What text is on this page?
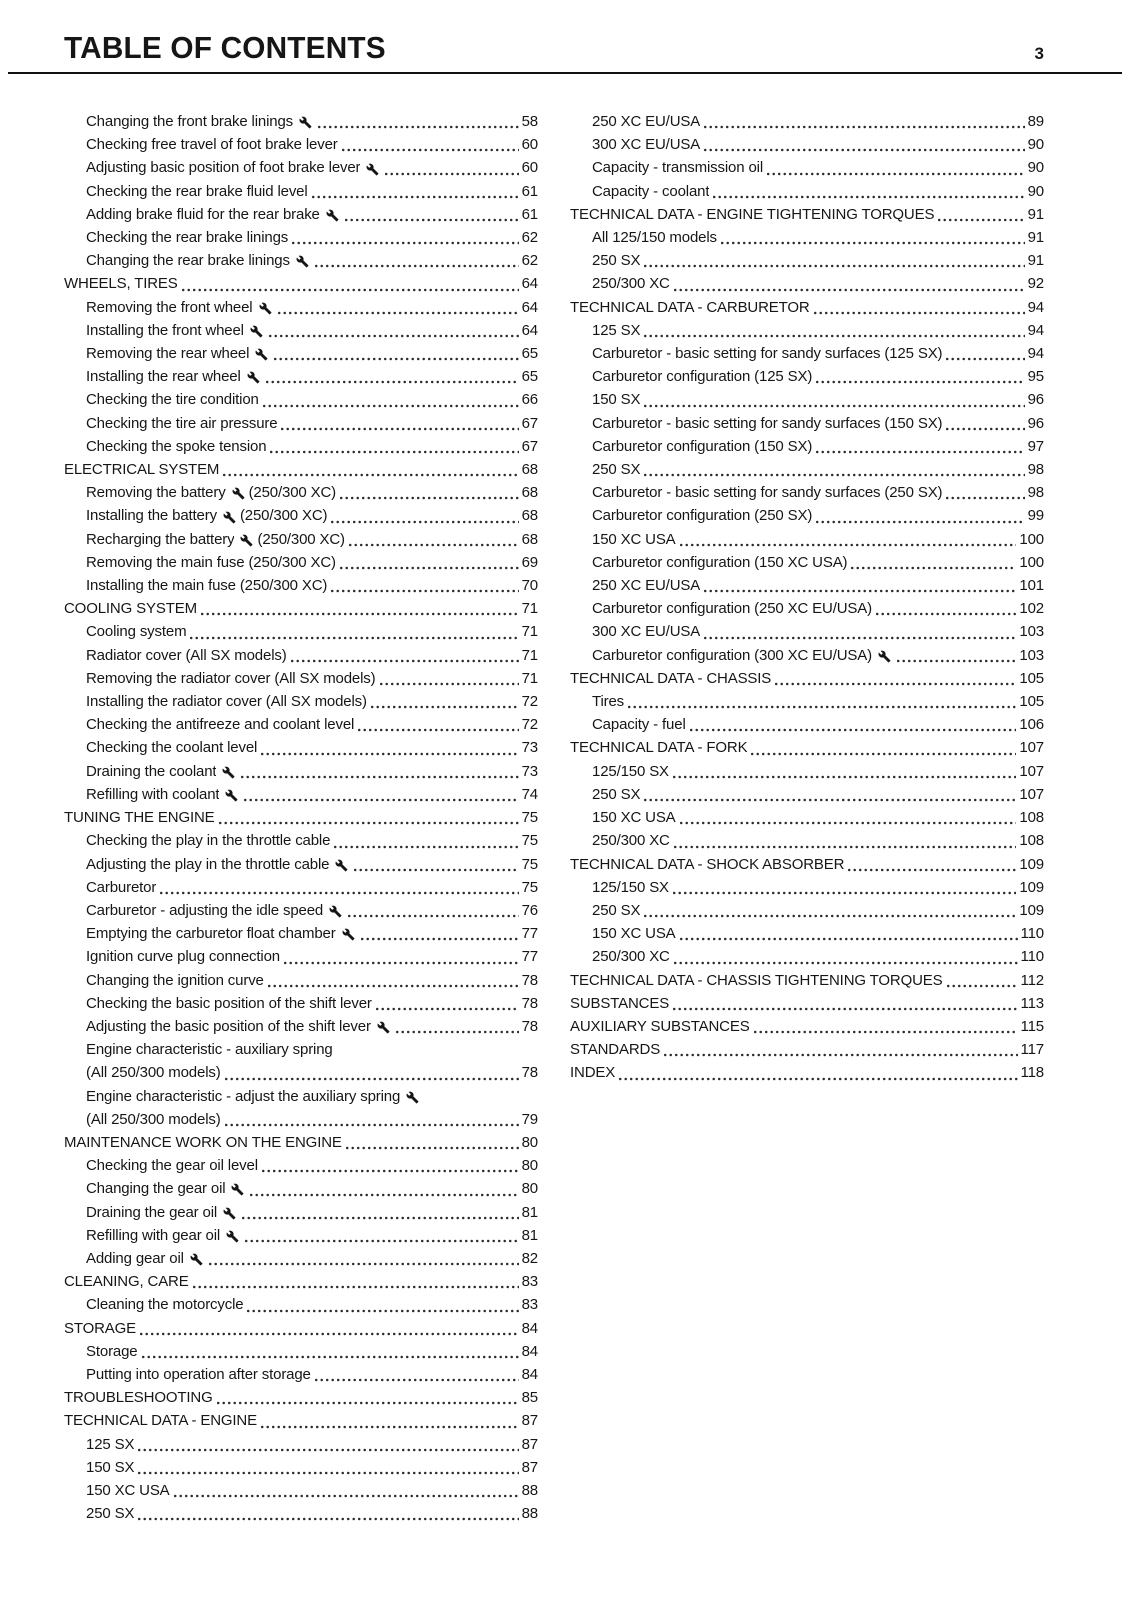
TABLE OF CONTENTS	3
Changing the front brake linings	58
Checking free travel of foot brake lever	60
Adjusting basic position of foot brake lever	60
Checking the rear brake fluid level	61
Adding brake fluid for the rear brake	61
Checking the rear brake linings	62
Changing the rear brake linings	62
WHEELS, TIRES	64
Removing the front wheel	64
Installing the front wheel	64
Removing the rear wheel	65
Installing the rear wheel	65
Checking the tire condition	66
Checking the tire air pressure	67
Checking the spoke tension	67
ELECTRICAL SYSTEM	68
Removing the battery (250/300 XC)	68
Installing the battery (250/300 XC)	68
Recharging the battery (250/300 XC)	68
Removing the main fuse (250/300 XC)	69
Installing the main fuse (250/300 XC)	70
COOLING SYSTEM	71
Cooling system	71
Radiator cover (All SX models)	71
Removing the radiator cover (All SX models)	71
Installing the radiator cover (All SX models)	72
Checking the antifreeze and coolant level	72
Checking the coolant level	73
Draining the coolant	73
Refilling with coolant	74
TUNING THE ENGINE	75
Checking the play in the throttle cable	75
Adjusting the play in the throttle cable	75
Carburetor	75
Carburetor - adjusting the idle speed	76
Emptying the carburetor float chamber	77
Ignition curve plug connection	77
Changing the ignition curve	78
Checking the basic position of the shift lever	78
Adjusting the basic position of the shift lever	78
Engine characteristic - auxiliary spring
(All 250/300 models)	78
Engine characteristic - adjust the auxiliary spring
(All 250/300 models)	79
MAINTENANCE WORK ON THE ENGINE	80
Checking the gear oil level	80
Changing the gear oil	80
Draining the gear oil	81
Refilling with gear oil	81
Adding gear oil	82
CLEANING, CARE	83
Cleaning the motorcycle	83
STORAGE	84
Storage	84
Putting into operation after storage	84
TROUBLESHOOTING	85
TECHNICAL DATA - ENGINE	87
125 SX	87
150 SX	87
150 XC USA	88
250 SX	88
250 XC EU/USA	89
300 XC EU/USA	90
Capacity - transmission oil	90
Capacity - coolant	90
TECHNICAL DATA - ENGINE TIGHTENING TORQUES	91
All 125/150 models	91
250 SX	91
250/300 XC	92
TECHNICAL DATA - CARBURETOR	94
125 SX	94
Carburetor - basic setting for sandy surfaces (125 SX)	94
Carburetor configuration (125 SX)	95
150 SX	96
Carburetor - basic setting for sandy surfaces (150 SX)	96
Carburetor configuration (150 SX)	97
250 SX	98
Carburetor - basic setting for sandy surfaces (250 SX)	98
Carburetor configuration (250 SX)	99
150 XC USA	100
Carburetor configuration (150 XC USA)	100
250 XC EU/USA	101
Carburetor configuration (250 XC EU/USA)	102
300 XC EU/USA	103
Carburetor configuration (300 XC EU/USA)	103
TECHNICAL DATA - CHASSIS	105
Tires	105
Capacity - fuel	106
TECHNICAL DATA - FORK	107
125/150 SX	107
250 SX	107
150 XC USA	108
250/300 XC	108
TECHNICAL DATA - SHOCK ABSORBER	109
125/150 SX	109
250 SX	109
150 XC USA	110
250/300 XC	110
TECHNICAL DATA - CHASSIS TIGHTENING TORQUES	112
SUBSTANCES	113
AUXILIARY SUBSTANCES	115
STANDARDS	117
INDEX	118
